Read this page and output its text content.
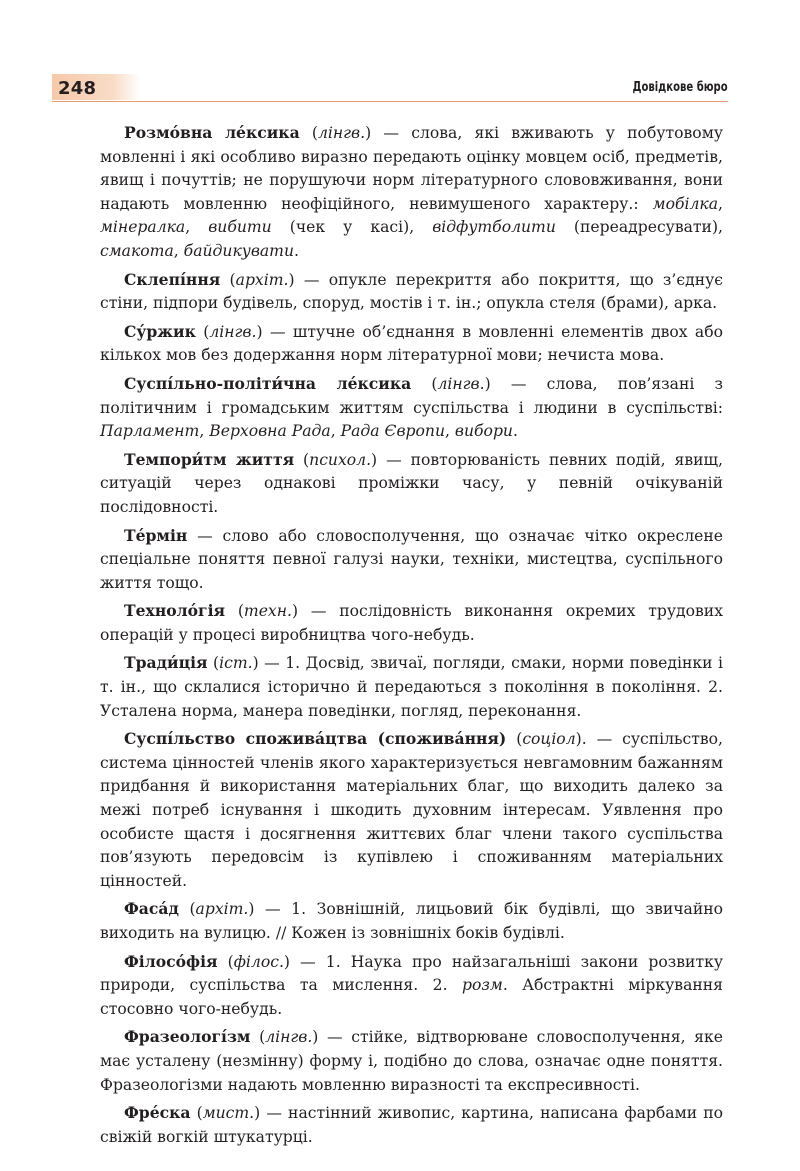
248	Довідкове бюро

Розмо́вна ле́ксика (лінгв.) — слова, які вживають у побутовому мовленні і які особливо виразно передають оцінку мовцем осіб, предметів, явищ і почуттів; не порушуючи норм літературного слововживання, вони надають мовленню неофіційного, невимушеного характеру.: мобілка, мінералка, вибити (чек у касі), відфутболити (переадресувати), смакота, байдикувати.

Склепі́ння (архіт.) — опукле перекриття або покриття, що з’єднує стіни, підпори будівель, споруд, мостів і т. ін.; опукла стеля (брами), арка.

Су́ржик (лінгв.) — штучне об’єднання в мовленні елементів двох або кількох мов без додержання норм літературної мови; нечиста мова.

Суспі́льно-політи́чна ле́ксика (лінгв.) — слова, пов’язані з політичним і громадським життям суспільства і людини в суспільстві: Парламент, Верховна Рада, Рада Європи, вибори.

Темпори́тм життя (психол.) — повторюваність певних подій, явищ, ситуацій через однакові проміжки часу, у певній очікуваній послідовності.

Те́рмін — слово або словосполучення, що означає чітко окреслене спеціальне поняття певної галузі науки, техніки, мистецтва, суспільного життя тощо.

Техноло́гія (техн.) — послідовність виконання окремих трудових операцій у процесі виробництва чого-небудь.

Тради́ція (іст.) — 1. Досвід, звичаї, погляди, смаки, норми поведінки і т. ін., що склалися історично й передаються з покоління в покоління. 2. Усталена норма, манера поведінки, погляд, переконання.

Суспі́льство спожива́цтва (спожива́ння) (соціол). — суспільство, система цінностей членів якого характеризується невгамовним бажанням придбання й використання матеріальних благ, що виходить далеко за межі потреб існування і шкодить духовним інтересам. Уявлення про особисте щастя і досягнення життєвих благ члени такого суспільства пов’язують передовсім із купівлею і споживанням матеріальних цінностей.

Фаса́д (архіт.) — 1. Зовнішній, лицьовий бік будівлі, що звичайно виходить на вулицю. // Кожен із зовнішніх боків будівлі.

Філосо́фія (філос.) — 1. Наука про найзагальніші закони розвитку природи, суспільства та мислення. 2. розм. Абстрактні міркування стосовно чого-небудь.

Фразеологі́зм (лінгв.) — стійке, відтворюване словосполучення, яке має усталену (незмінну) форму і, подібно до слова, означає одне поняття. Фразеологізми надають мовленню виразності та експресивності.

Фре́ска (мист.) — настінний живопис, картина, написана фарбами по свіжій вогкій штукатурці.
